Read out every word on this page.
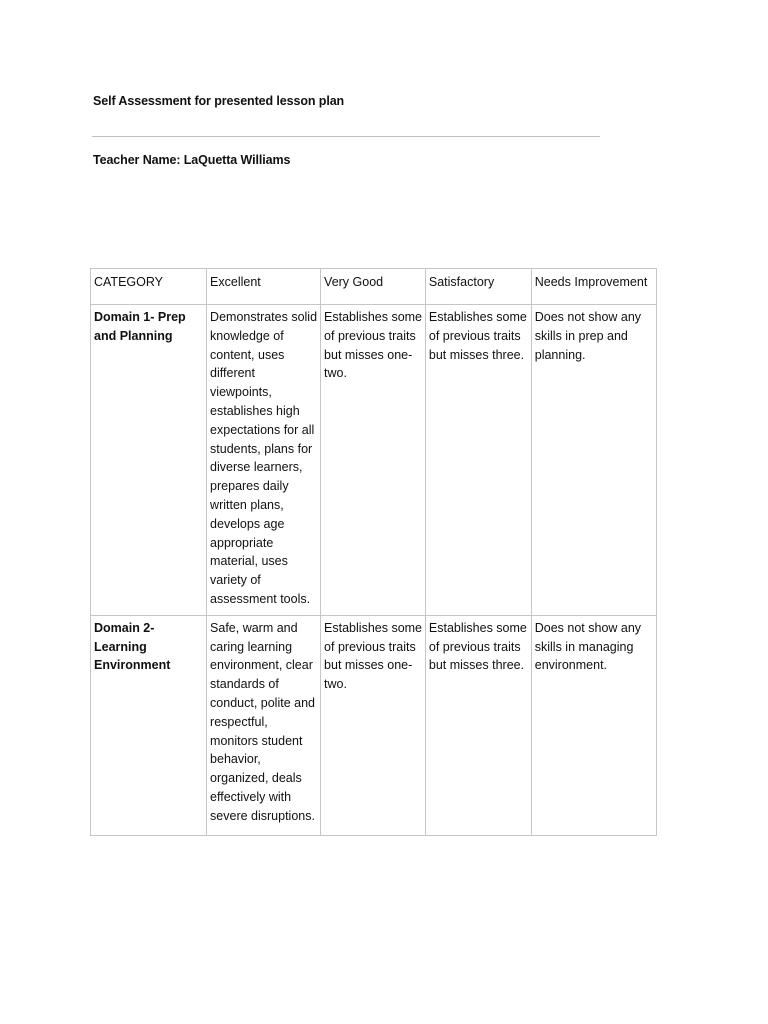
Self Assessment for presented lesson plan
Teacher Name: LaQuetta Williams
CATEGORY	Excellent	Very Good	Satisfactory	Needs Improvement
Domain 1- Prep and Planning	Demonstrates solid knowledge of content, uses different viewpoints, establishes high expectations for all students, plans for diverse learners, prepares daily written plans, develops age appropriate material, uses variety of assessment tools.	Establishes some of previous traits but misses one-two.	Establishes some of previous traits but misses three.	Does not show any skills in prep and planning.
Domain 2- Learning Environment	Safe, warm and caring learning environment, clear standards of conduct, polite and respectful, monitors student behavior, organized, deals effectively with severe disruptions.	Establishes some of previous traits but misses one-two.	Establishes some of previous traits but misses three.	Does not show any skills in managing environment.
